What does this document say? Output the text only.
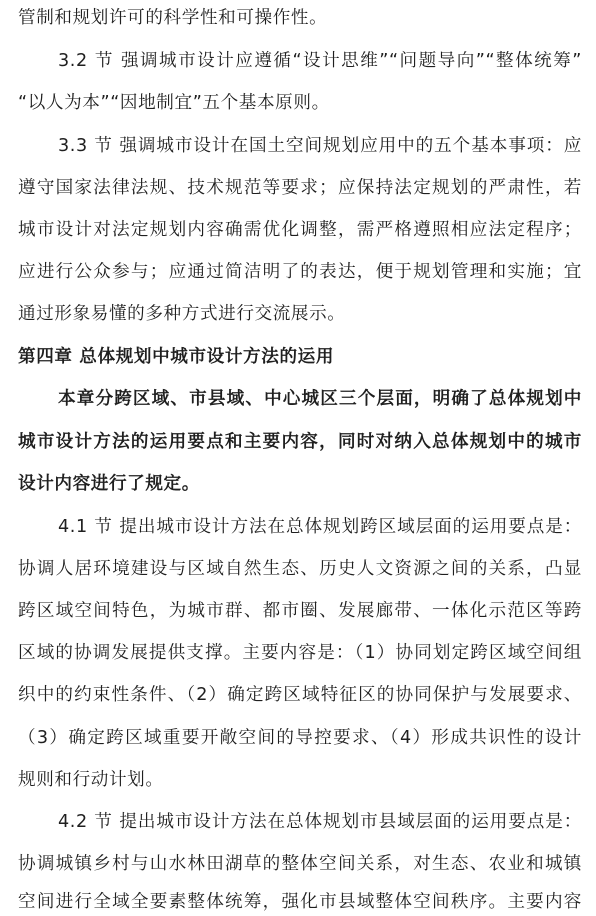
管制和规划许可的科学性和可操作性。
3.2 节 强调城市设计应遵循“设计思维”“问题导向”“整体统筹”
“以人为本”“因地制宜”五个基本原则。
3.3 节 强调城市设计在国土空间规划应用中的五个基本事项：应
遵守国家法律法规、技术规范等要求；应保持法定规划的严肃性，若
城市设计对法定规划内容确需优化调整，需严格遵照相应法定程序；
应进行公众参与；应通过简洁明了的表达，便于规划管理和实施；宜
通过形象易懂的多种方式进行交流展示。
第四章 总体规划中城市设计方法的运用
本章分跨区域、市县域、中心城区三个层面，明确了总体规划中
城市设计方法的运用要点和主要内容，同时对纳入总体规划中的城市
设计内容进行了规定。
4.1 节 提出城市设计方法在总体规划跨区域层面的运用要点是：
协调人居环境建设与区域自然生态、历史人文资源之间的关系，凸显
跨区域空间特色，为城市群、都市圈、发展廊带、一体化示范区等跨
区域的协调发展提供支撑。主要内容是：（1）协同划定跨区域空间组
织中的约束性条件、（2）确定跨区域特征区的协同保护与发展要求、
（3）确定跨区域重要开敞空间的导控要求、（4）形成共识性的设计
规则和行动计划。
4.2 节 提出城市设计方法在总体规划市县域层面的运用要点是：
协调城镇乡村与山水林田湖草的整体空间关系，对生态、农业和城镇
空间进行全域全要素整体统筹，强化市县域整体空间秩序。主要内容
